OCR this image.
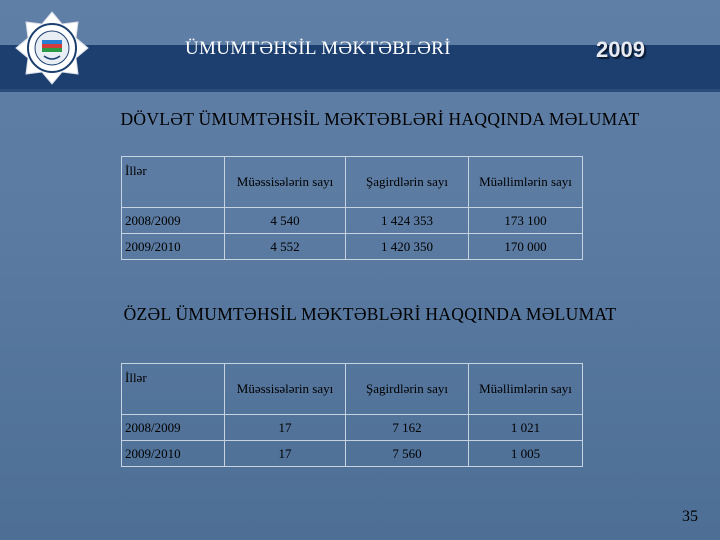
ÜMUMTƏHSİL MƏKTƏBLƏRİ	2009
DÖVLƏT ÜMUMTƏHSİL MƏKTƏBLƏRİ HAQQINDA MƏLUMAT
İllər	Müəssisələrin sayı	Şagirdlərin sayı	Müəllimlərin sayı
2008/2009	4 540	1 424 353	173 100
2009/2010	4 552	1 420 350	170 000
ÖZƏL ÜMUMTƏHSİL MƏKTƏBLƏRİ HAQQINDA MƏLUMAT
İllər	Müəssisələrin sayı	Şagirdlərin sayı	Müəllimlərin sayı
2008/2009	17	7 162	1 021
2009/2010	17	7 560	1 005
35
